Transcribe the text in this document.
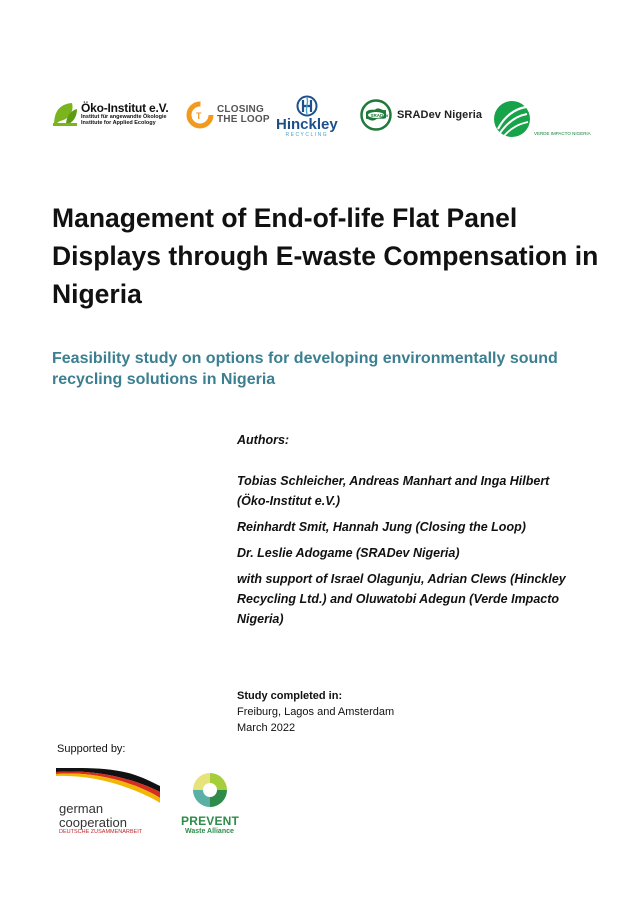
Öko-Institut e.V.
Institut für angewandte Ökologie
Institute for Applied Ecology
T
CLOSING
THE LOOP Hinckley
RECYCLING
SRADev SRADev Nigeria
VERDE IMPACTO NIGERIA
Management of End-of-life Flat Panel Displays through E-waste Compensation in Nigeria
Feasibility study on options for developing environmentally sound recycling solutions in Nigeria
Authors:

Tobias Schleicher, Andreas Manhart and Inga Hilbert (Öko-Institut e.V.)

Reinhardt Smit, Hannah Jung (Closing the Loop)

Dr. Leslie Adogame (SRADev Nigeria)

with support of Israel Olagunju, Adrian Clews (Hinckley Recycling Ltd.) and Oluwatobi Adegun (Verde Impacto Nigeria)

Study completed in:
Freiburg, Lagos and Amsterdam
March 2022
Supported by:
german
cooperation
DEUTSCHE ZUSAMMENARBEIT
PREVENT
Waste Alliance
